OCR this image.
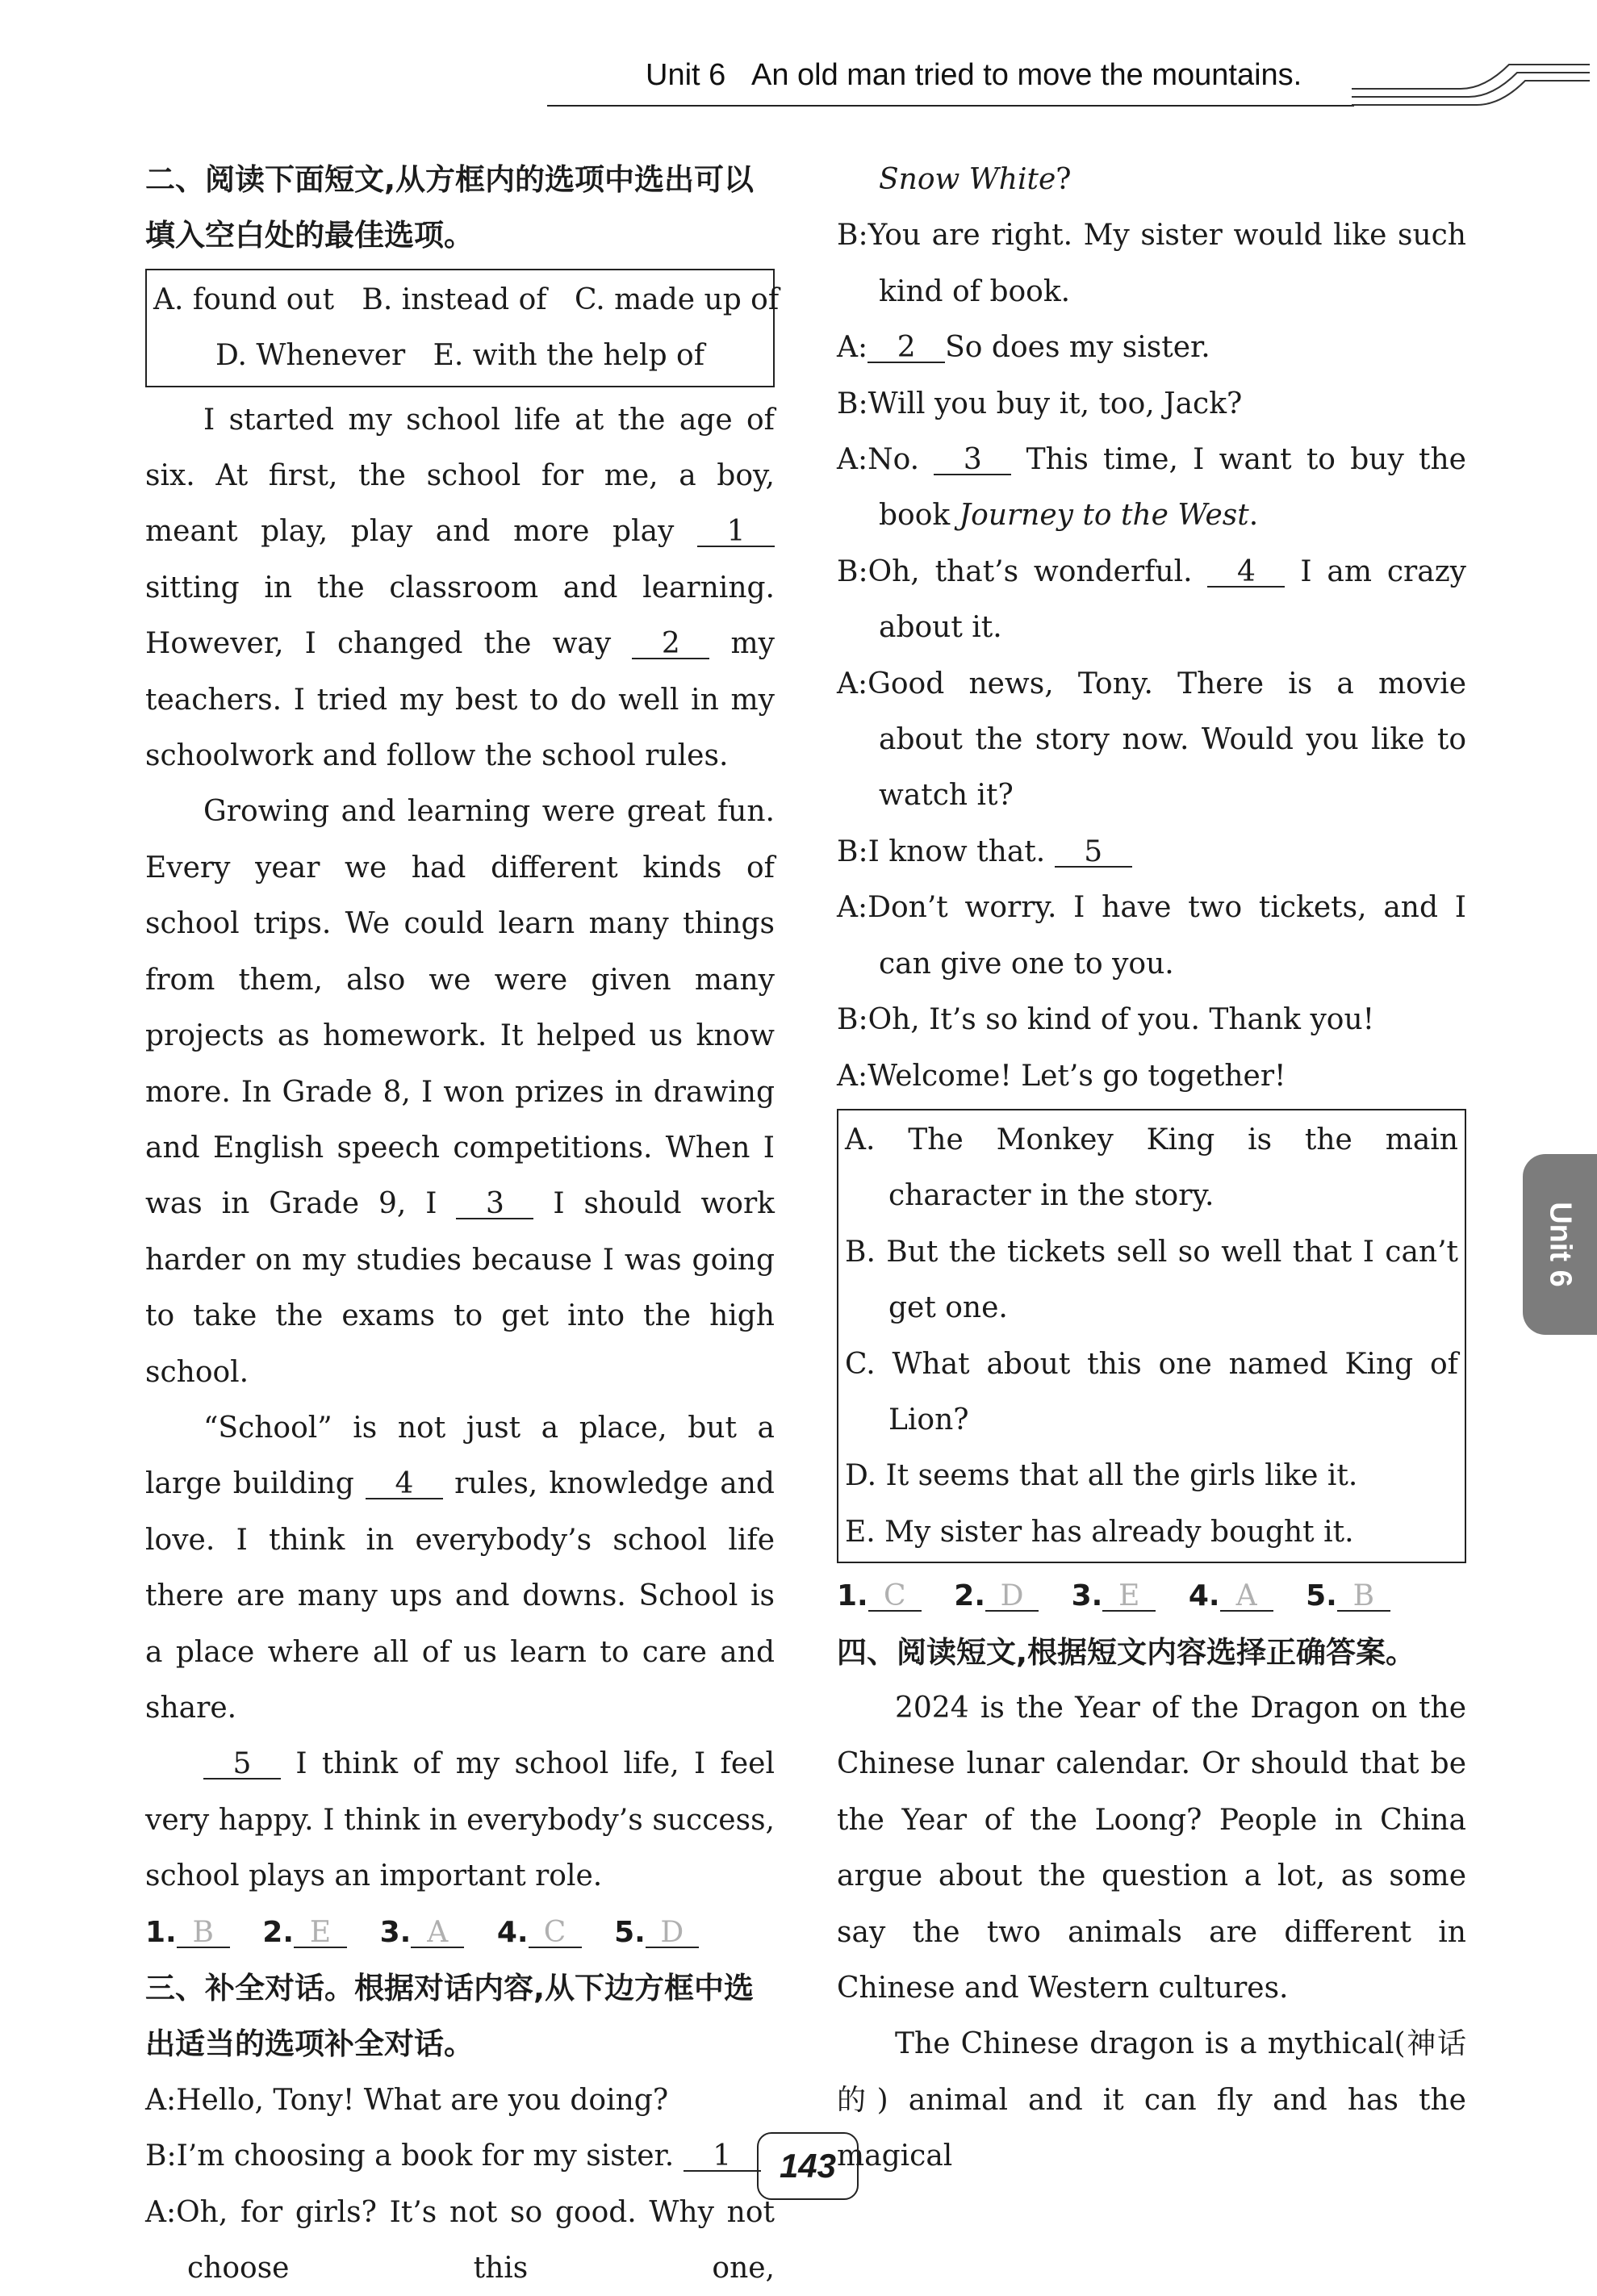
Unit 6 An old man tried to move the mountains.

二、阅读下面短文,从方框内的选项中选出可以填入空白处的最佳选项。

A. found out   B. instead of   C. made up of

D. Whenever   E. with the help of

I started my school life at the age of six. At first, the school for me, a boy, meant play, play and more play 1 sitting in the classroom and learning. However, I changed the way 2 my teachers. I tried my best to do well in my schoolwork and follow the school rules.

Growing and learning were great fun. Every year we had different kinds of school trips. We could learn many things from them, also we were given many projects as homework. It helped us know more. In Grade 8, I won prizes in drawing and English speech competitions. When I was in Grade 9, I 3 I should work harder on my studies because I was going to take the exams to get into the high school.

“School” is not just a place, but a large building 4 rules, knowledge and love. I think in everybody’s school life there are many ups and downs. School is a place where all of us learn to care and share.

5 I think of my school life, I feel very happy. I think in everybody’s success, school plays an important role.

1. B 2. E 3. A 4. C 5. D

三、补全对话。根据对话内容,从下边方框中选出适当的选项补全对话。

A:Hello, Tony! What are you doing?

B:I’m choosing a book for my sister. 1

A:Oh, for girls? It’s not so good. Why not choose this one,

Snow White?

B:You are right. My sister would like such kind of book.

A: 2 So does my sister.

B:Will you buy it, too, Jack?

A:No. 3 This time, I want to buy the book Journey to the West.

B:Oh, that’s wonderful. 4 I am crazy about it.

A:Good news, Tony. There is a movie about the story now. Would you like to watch it?

B:I know that. 5

A:Don’t worry. I have two tickets, and I can give one to you.

B:Oh, It’s so kind of you. Thank you!

A:Welcome! Let’s go together!

A. The Monkey King is the main character in the story.

B. But the tickets sell so well that I can’t get one.

C. What about this one named King of Lion?

D. It seems that all the girls like it.

E. My sister has already bought it.

1. C 2. D 3. E 4. A 5. B

四、阅读短文,根据短文内容选择正确答案。

2024 is the Year of the Dragon on the Chinese lunar calendar. Or should that be the Year of the Loong? People in China argue about the question a lot, as some say the two animals are different in Chinese and Western cultures.

The Chinese dragon is a mythical(神话的) animal and it can fly and has the magical

Unit 6
143
